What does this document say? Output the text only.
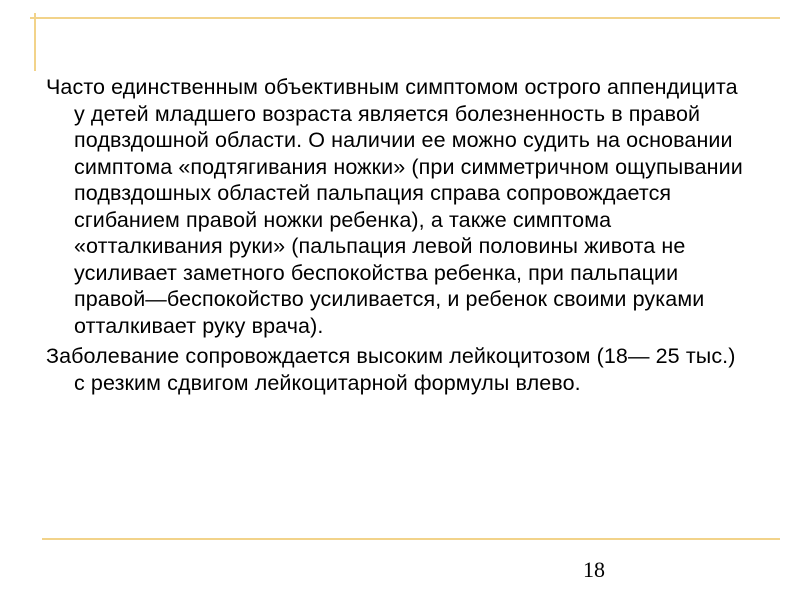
Часто единственным объективным симптомом острого аппендицита у детей младшего возраста является болезненность в правой подвздошной области. О наличии ее можно судить на основании симптома «подтягивания ножки» (при симметричном ощупывании подвздошных областей пальпация справа сопровождается сгибанием правой ножки ребенка), а также симптома «отталкивания руки» (пальпация левой половины живота не усиливает заметного беспокойства ребенка, при пальпации правой—беспокойство усиливается, и ребенок своими руками отталкивает руку врача).

Заболевание сопровождается высоким лейкоцитозом (18— 25 тыс.) с резким сдвигом лейкоцитарной формулы влево.

18
